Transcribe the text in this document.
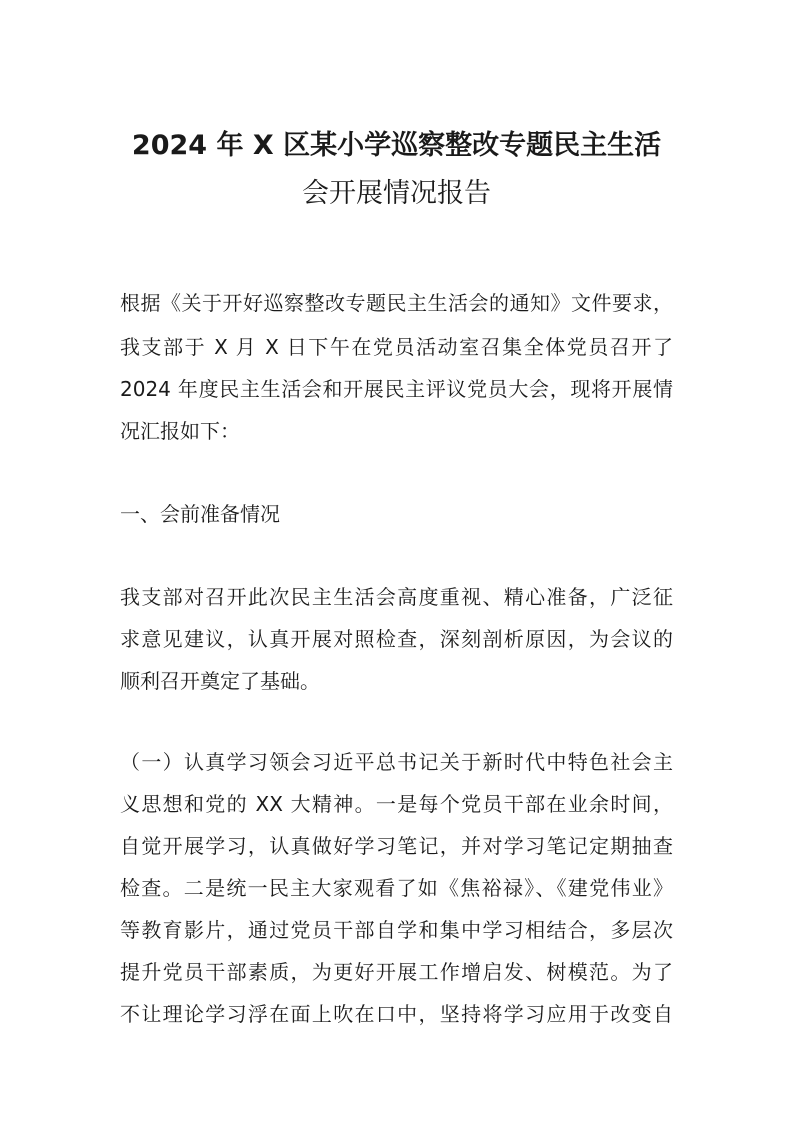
2024 年 X 区某小学巡察整改专题民主生活
会开展情况报告
根据《关于开好巡察整改专题民主生活会的通知》文件要求，
我支部于 X 月 X 日下午在党员活动室召集全体党员召开了
2024 年度民主生活会和开展民主评议党员大会，现将开展情
况汇报如下：
一、会前准备情况
我支部对召开此次民主生活会高度重视、精心准备，广泛征
求意见建议，认真开展对照检查，深刻剖析原因，为会议的
顺利召开奠定了基础。
（一）认真学习领会习近平总书记关于新时代中特色社会主
义思想和党的 XX 大精神。一是每个党员干部在业余时间，
自觉开展学习，认真做好学习笔记，并对学习笔记定期抽查
检查。二是统一民主大家观看了如《焦裕禄》、《建党伟业》
等教育影片，通过党员干部自学和集中学习相结合，多层次
提升党员干部素质，为更好开展工作增启发、树模范。为了
不让理论学习浮在面上吹在口中，坚持将学习应用于改变自
